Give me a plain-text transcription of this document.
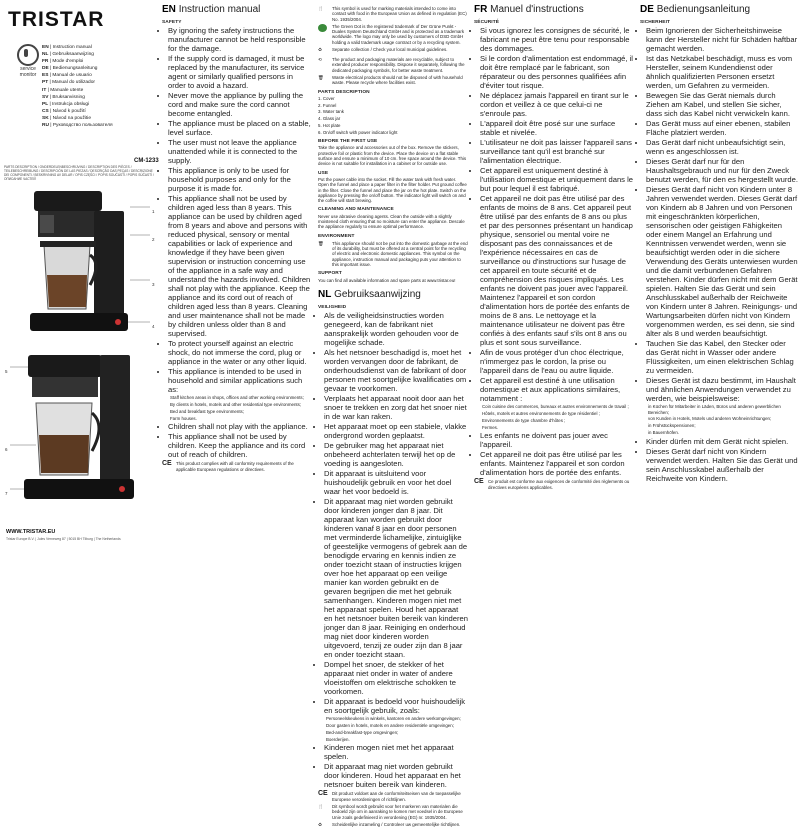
TRISTAR
service
monitor
EN | Instruction manual
NL | Gebruiksaanwijzing
FR | Mode d'emploi
DE | Bedienungsanleitung
ES | Manual de usuario
PT | Manual do utilizador
IT | Manuale utente
SV | Bruksanvisning
PL | Instrukcja obsługi
CS | Návod k použití
SK | Návod na použitie
RU | Руководство пользователя
CM-1233
PARTS DESCRIPTION / ONDERDELENBESCHRIJVING / DESCRIPTION DES PIÈCES / TEILEBESCHREIBUNG / DESCRIPCIÓN DE LAS PIEZAS / DESCRIÇÃO DAS PEÇAS / DESCRIZIONE DEI COMPONENTI / BESKRIVNING AV DELAR / OPIS CZĘŚCI / POPIS SOUČÁSTÍ / POPIS SÚČASTÍ / ОПИСАНИЕ ЧАСТЕЙ
1
2
3
4
5
6
7
WWW.TRISTAR.EU
Tristar Europe B.V. | Jules Verneweg 87 | 5015 BH Tilburg | The Netherlands
EN Instruction manual
SAFETY
• By ignoring the safety instructions the manufacturer cannot be held responsible for the damage.
• If the supply cord is damaged, it must be replaced by the manufacturer, its service agent or similarly qualified persons in order to avoid a hazard.
• Never move the appliance by pulling the cord and make sure the cord cannot become entangled.
• The appliance must be placed on a stable, level surface.
• The user must not leave the appliance unattended while it is connected to the supply.
• This appliance is only to be used for household purposes and only for the purpose it is made for.
• This appliance shall not be used by children aged less than 8 years. This appliance can be used by children aged from 8 years and above and persons with reduced physical, sensory or mental capabilities or lack of experience and knowledge if they have been given supervision or instruction concerning use of the appliance in a safe way and understand the hazards involved. Children shall not play with the appliance. Keep the appliance and its cord out of reach of children aged less than 8 years. Cleaning and user maintenance shall not be made by children unless older than 8 and supervised.
• To protect yourself against an electric shock, do not immerse the cord, plug or appliance in the water or any other liquid.
• This appliance is intended to be used in household and similar applications such as:

Staff kitchen areas in shops, offices and other working environments;

By clients in hotels, motels and other residential type environments;

Bed and breakfast type environments;

Farm houses.

• Children shall not play with the appliance.
• This appliance shall not be used by children. Keep the appliance and its cord out of reach of children.
CE This product complies with all conformity requirements of the applicable European regulations or directives.
🍴	This symbol is used for marking materials intended to come into contact with food in the European Union as defined in regulation (EC) No. 1935/2004.
The Green Dot is the registered trademark of Der Grüne Punkt - Duales System Deutschland GmbH and is protected as a trademark worldwide. The logo may only be used by customers of DSD GmbH holding a valid trademark usage contract or by a recycling system.
♻	Separate collection / Check your local municipal guidelines.
⟲	The product and packaging materials are recyclable, subject to extended producer responsibility. Dispose it separately, following the dedicated packaging symbols, for better waste treatment.
🗑	Waste electrical products should not be disposed of with household waste. Please recycle where facilities exist.
PARTS DESCRIPTION

1. Cover

2. Funnel

3. Water tank

4. Glass jar

5. Hot plate

6. On/off switch with power indicator light

BEFORE THE FIRST USE

Take the appliance and accessories out of the box. Remove the stickers, protective foil or plastic from the device. Place the device on a flat stable surface and ensure a minimum of 10 cm. free space around the device. This device is not suitable for installation in a cabinet or for outside use.

USE

Put the power cable into the socket. Fill the water tank with fresh water. Open the funnel and place a paper filter in the filter holder. Put ground coffee in the filter. Close the funnel and place the jar on the hot plate. Switch on the appliance by pressing the on/off button. The indicator light will switch on and the coffee will start brewing.

CLEANING AND MAINTENANCE

Never use abrasive cleaning agents. Clean the outside with a slightly moistened cloth ensuring that no moisture can enter the appliance. Descale the appliance regularly to ensure optimal performance.

ENVIRONMENT
🗑	This appliance should not be put into the domestic garbage at the end of its durability, but must be offered at a central point for the recycling of electric and electronic domestic appliances. This symbol on the appliance, instruction manual and packaging puts your attention to this important issue.
SUPPORT

You can find all available information and spare parts at www.tristar.eu!

NL Gebruiksaanwijzing
VEILIGHEID
• Als de veiligheidsinstructies worden genegeerd, kan de fabrikant niet aansprakelijk worden gehouden voor de mogelijke schade.
• Als het netsnoer beschadigd is, moet het worden vervangen door de fabrikant, de onderhoudsdienst van de fabrikant of door personen met soortgelijke kwalificaties om gevaar te voorkomen.
• Verplaats het apparaat nooit door aan het snoer te trekken en zorg dat het snoer niet in de war kan raken.
• Het apparaat moet op een stabiele, vlakke ondergrond worden geplaatst.
• De gebruiker mag het apparaat niet onbeheerd achterlaten terwijl het op de voeding is aangesloten.
• Dit apparaat is uitsluitend voor huishoudelijk gebruik en voor het doel waar het voor bedoeld is.
• Dit apparaat mag niet worden gebruikt door kinderen jonger dan 8 jaar. Dit apparaat kan worden gebruikt door kinderen vanaf 8 jaar en door personen met verminderde lichamelijke, zintuiglijke of geestelijke vermogens of gebrek aan de benodigde ervaring en kennis indien ze onder toezicht staan of instructies krijgen over hoe het apparaat op een veilige manier kan worden gebruikt en de gevaren begrijpen die met het gebruik samenhangen. Kinderen mogen niet met het apparaat spelen. Houd het apparaat en het netsnoer buiten bereik van kinderen jonger dan 8 jaar. Reiniging en onderhoud mag niet door kinderen worden uitgevoerd, tenzij ze ouder zijn dan 8 jaar en onder toezicht staan.
• Dompel het snoer, de stekker of het apparaat niet onder in water of andere vloeistoffen om elektrische schokken te voorkomen.
• Dit apparaat is bedoeld voor huishoudelijk en soortgelijk gebruik, zoals:

Personeelskeukens in winkels, kantoren en andere werkomgevingen;

Door gasten in hotels, motels en andere residentiële omgevingen;

Bed-and-breakfast-type omgevingen;

Boerderijen.

• Kinderen mogen niet met het apparaat spelen.
• Dit apparaat mag niet worden gebruikt door kinderen. Houd het apparaat en het netsnoer buiten bereik van kinderen.
CE Dit product voldoet aan de conformiteitseisen van de toepasselijke Europese verordeningen of richtlijnen.
🍴	Dit symbool wordt gebruikt voor het markeren van materialen die bedoeld zijn om in aanraking te komen met voedsel in de Europese Unie zoals gedefinieerd in verordening (EG) nr. 1935/2004.
♻	Scheidenlijke inzameling / Controleer uw gemeentelijke richtlijnen.
FR Manuel d'instructions
SÉCURITÉ
• Si vous ignorez les consignes de sécurité, le fabricant ne peut être tenu pour responsable des dommages.
• Si le cordon d'alimentation est endommagé, il doit être remplacé par le fabricant, son réparateur ou des personnes qualifiées afin d'éviter tout risque.
• Ne déplacez jamais l'appareil en tirant sur le cordon et veillez à ce que celui-ci ne s'enroule pas.
• L'appareil doit être posé sur une surface stable et nivelée.
• L'utilisateur ne doit pas laisser l'appareil sans surveillance tant qu'il est branché sur l'alimentation électrique.
• Cet appareil est uniquement destiné à l'utilisation domestique et uniquement dans le but pour lequel il est fabriqué.
• Cet appareil ne doit pas être utilisé par des enfants de moins de 8 ans. Cet appareil peut être utilisé par des enfants de 8 ans ou plus et par des personnes présentant un handicap physique, sensoriel ou mental voire ne disposant pas des connaissances et de l'expérience nécessaires en cas de surveillance ou d'instructions sur l'usage de cet appareil en toute sécurité et de compréhension des risques impliqués. Les enfants ne doivent pas jouer avec l'appareil. Maintenez l'appareil et son cordon d'alimentation hors de portée des enfants de moins de 8 ans. Le nettoyage et la maintenance utilisateur ne doivent pas être confiés à des enfants sauf s'ils ont 8 ans ou plus et sont sous surveillance.
• Afin de vous protéger d'un choc électrique, n'immergez pas le cordon, la prise ou l'appareil dans de l'eau ou autre liquide.
• Cet appareil est destiné à une utilisation domestique et aux applications similaires, notamment :

Coin cuisine des commerces, bureaux et autres environnements de travail ;

Hôtels, motels et autres environnements de type résidentiel ;

Environnements de type chambre d'hôtes ;

Fermes.

• Les enfants ne doivent pas jouer avec l'appareil.
• Cet appareil ne doit pas être utilisé par les enfants. Maintenez l'appareil et son cordon d'alimentation hors de portée des enfants.
CE Ce produit est conforme aux exigences de conformité des règlements ou directives européens applicables.
DE Bedienungsanleitung
SICHERHEIT
• Beim Ignorieren der Sicherheitshinweise kann der Hersteller nicht für Schäden haftbar gemacht werden.
• Ist das Netzkabel beschädigt, muss es vom Hersteller, seinem Kundendienst oder ähnlich qualifizierten Personen ersetzt werden, um Gefahren zu vermeiden.
• Bewegen Sie das Gerät niemals durch Ziehen am Kabel, und stellen Sie sicher, dass sich das Kabel nicht verwickeln kann.
• Das Gerät muss auf einer ebenen, stabilen Fläche platziert werden.
• Das Gerät darf nicht unbeaufsichtigt sein, wenn es angeschlossen ist.
• Dieses Gerät darf nur für den Haushaltsgebrauch und nur für den Zweck benutzt werden, für den es hergestellt wurde.
• Dieses Gerät darf nicht von Kindern unter 8 Jahren verwendet werden. Dieses Gerät darf von Kindern ab 8 Jahren und von Personen mit eingeschränkten körperlichen, sensorischen oder geistigen Fähigkeiten oder einem Mangel an Erfahrung und Kenntnissen verwendet werden, wenn sie beaufsichtigt werden oder in die sichere Verwendung des Geräts unterwiesen wurden und die damit verbundenen Gefahren verstehen. Kinder dürfen nicht mit dem Gerät spielen. Halten Sie das Gerät und sein Anschlusskabel außerhalb der Reichweite von Kindern unter 8 Jahren. Reinigungs- und Wartungsarbeiten dürfen nicht von Kindern vorgenommen werden, es sei denn, sie sind älter als 8 und werden beaufsichtigt.
• Tauchen Sie das Kabel, den Stecker oder das Gerät nicht in Wasser oder andere Flüssigkeiten, um einen elektrischen Schlag zu vermeiden.
• Dieses Gerät ist dazu bestimmt, im Haushalt und ähnlichen Anwendungen verwendet zu werden, wie beispielsweise:

in Küchen für Mitarbeiter in Läden, Büros und anderen gewerblichen Bereichen;

von Kunden in Hotels, Motels und anderen Wohneinrichtungen;

in Frühstückspensionen;

in Bauernhöfen.

• Kinder dürfen mit dem Gerät nicht spielen.
• Dieses Gerät darf nicht von Kindern verwendet werden. Halten Sie das Gerät und sein Anschlusskabel außerhalb der Reichweite von Kindern.
